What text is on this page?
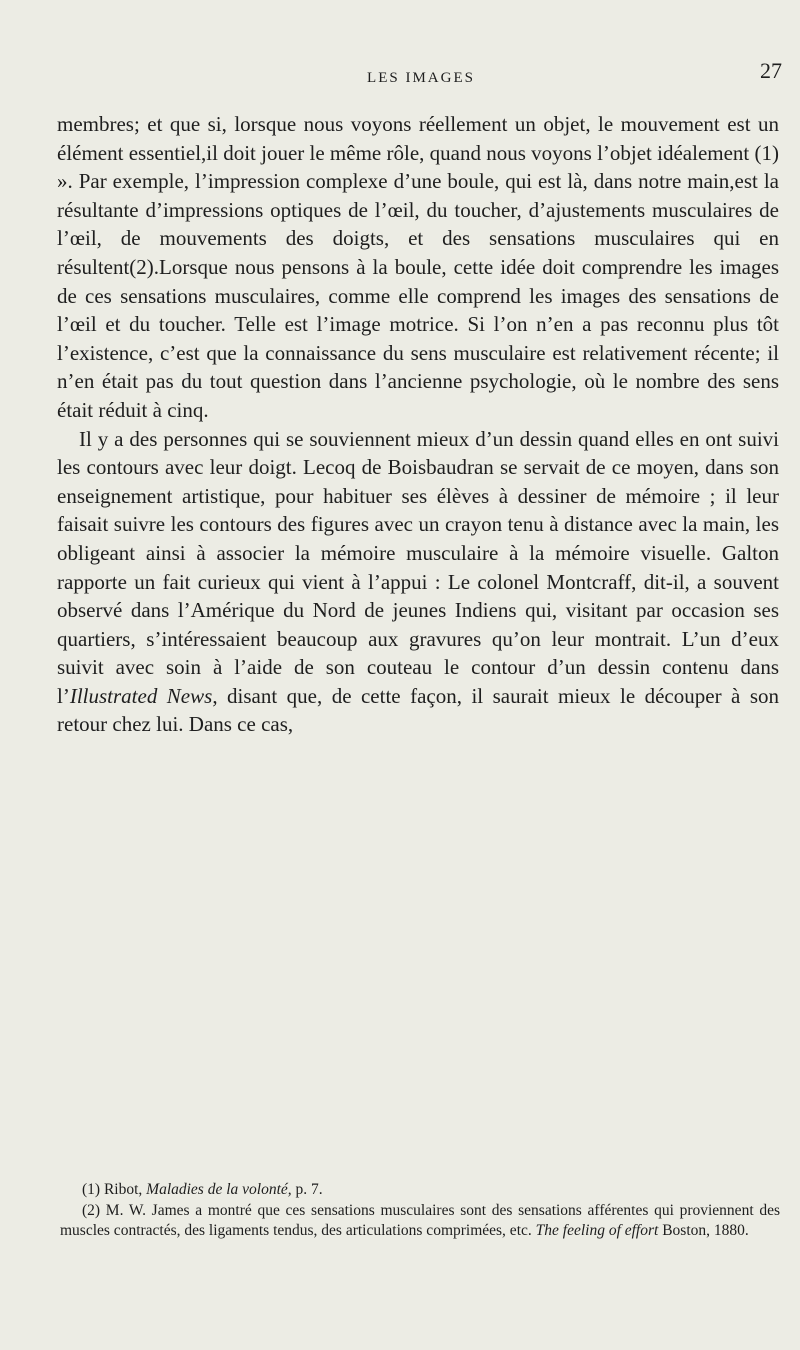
LES IMAGES	27

membres; et que si, lorsque nous voyons réellement un objet, le mouvement est un élément essentiel,il doit jouer le même rôle, quand nous voyons l’objet idéalement (1) ». Par exemple, l’impression complexe d’une boule, qui est là, dans notre main,est la résultante d’impressions optiques de l’œil, du toucher, d’ajustements musculaires de l’œil, de mouvements des doigts, et des sensations musculaires qui en résultent(2).Lorsque nous pensons à la boule, cette idée doit comprendre les images de ces sensations musculaires, comme elle comprend les images des sensations de l’œil et du toucher. Telle est l’image motrice. Si l’on n’en a pas reconnu plus tôt l’existence, c’est que la connaissance du sens musculaire est relativement récente; il n’en était pas du tout question dans l’ancienne psychologie, où le nombre des sens était réduit à cinq.

Il y a des personnes qui se souviennent mieux d’un dessin quand elles en ont suivi les contours avec leur doigt. Lecoq de Boisbaudran se servait de ce moyen, dans son enseignement artistique, pour habituer ses élèves à dessiner de mémoire ; il leur faisait suivre les contours des figures avec un crayon tenu à distance avec la main, les obligeant ainsi à associer la mémoire musculaire à la mémoire visuelle. Galton rapporte un fait curieux qui vient à l’appui : Le colonel Montcraff, dit-il, a souvent observé dans l’Amérique du Nord de jeunes Indiens qui, visitant par occasion ses quartiers, s’intéressaient beaucoup aux gravures qu’on leur montrait. L’un d’eux suivit avec soin à l’aide de son couteau le contour d’un dessin contenu dans l’Illustrated News, disant que, de cette façon, il saurait mieux le découper à son retour chez lui. Dans ce cas,

(1) Ribot, Maladies de la volonté, p. 7.

(2) M. W. James a montré que ces sensations musculaires sont des sensations afférentes qui proviennent des muscles contractés, des ligaments tendus, des articulations comprimées, etc. The feeling of effort Boston, 1880.
